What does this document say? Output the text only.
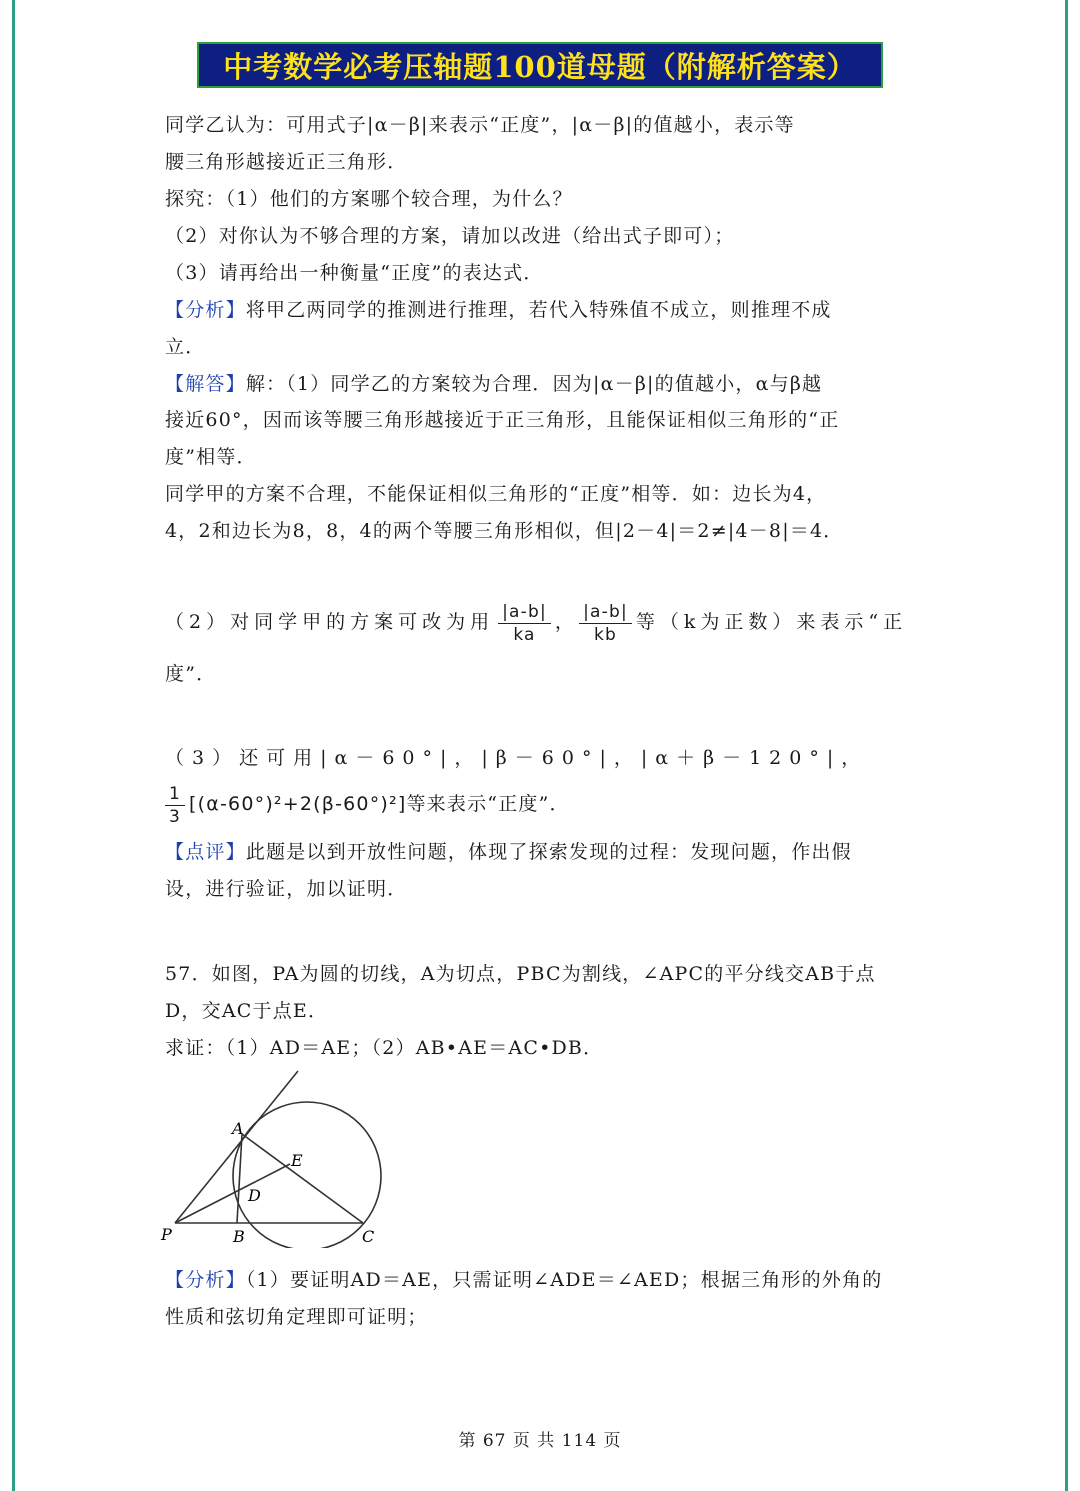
中考数学必考压轴题100道母题（附解析答案）
同学乙认为：可用式子|α－β|来表示“正度”，|α－β|的值越小，表示等
腰三角形越接近正三角形．
探究：（1）他们的方案哪个较合理，为什么？
（2）对你认为不够合理的方案，请加以改进（给出式子即可）；
（3）请再给出一种衡量“正度”的表达式．
【分析】将甲乙两同学的推测进行推理，若代入特殊值不成立，则推理不成
立．
【解答】解：（1）同学乙的方案较为合理．因为|α－β|的值越小，α与β越
接近60°，因而该等腰三角形越接近于正三角形，且能保证相似三角形的“正
度”相等．
同学甲的方案不合理，不能保证相似三角形的“正度”相等．如：边长为4，
4，2和边长为8，8，4的两个等腰三角形相似，但|2－4|＝2≠|4－8|＝4．
（2）对同学甲的方案可改为用 $\frac{|a-b|}{ka}$ ， $\frac{|a-b|}{kb}$ 等（k为正数）来表示“正
度”．
（3）还可用|α－60°|，|β－60°|，|α＋β－120°|，
$\frac{1}{3} [(\alpha-60^\circ)^2+2(\beta-60^\circ)^2]$等来表示“正度”．
【点评】此题是以到开放性问题，体现了探索发现的过程：发现问题，作出假
设，进行验证，加以证明．
57．如图，PA为圆的切线，A为切点，PBC为割线，∠APC的平分线交AB于点
D，交AC于点E．
求证：（1）AD＝AE；（2）AB•AE＝AC•DB．
A
B	C
D
E
P
【分析】（1）要证明AD＝AE，只需证明∠ADE＝∠AED；根据三角形的外角的
性质和弦切角定理即可证明；
第 67 页 共 114 页
